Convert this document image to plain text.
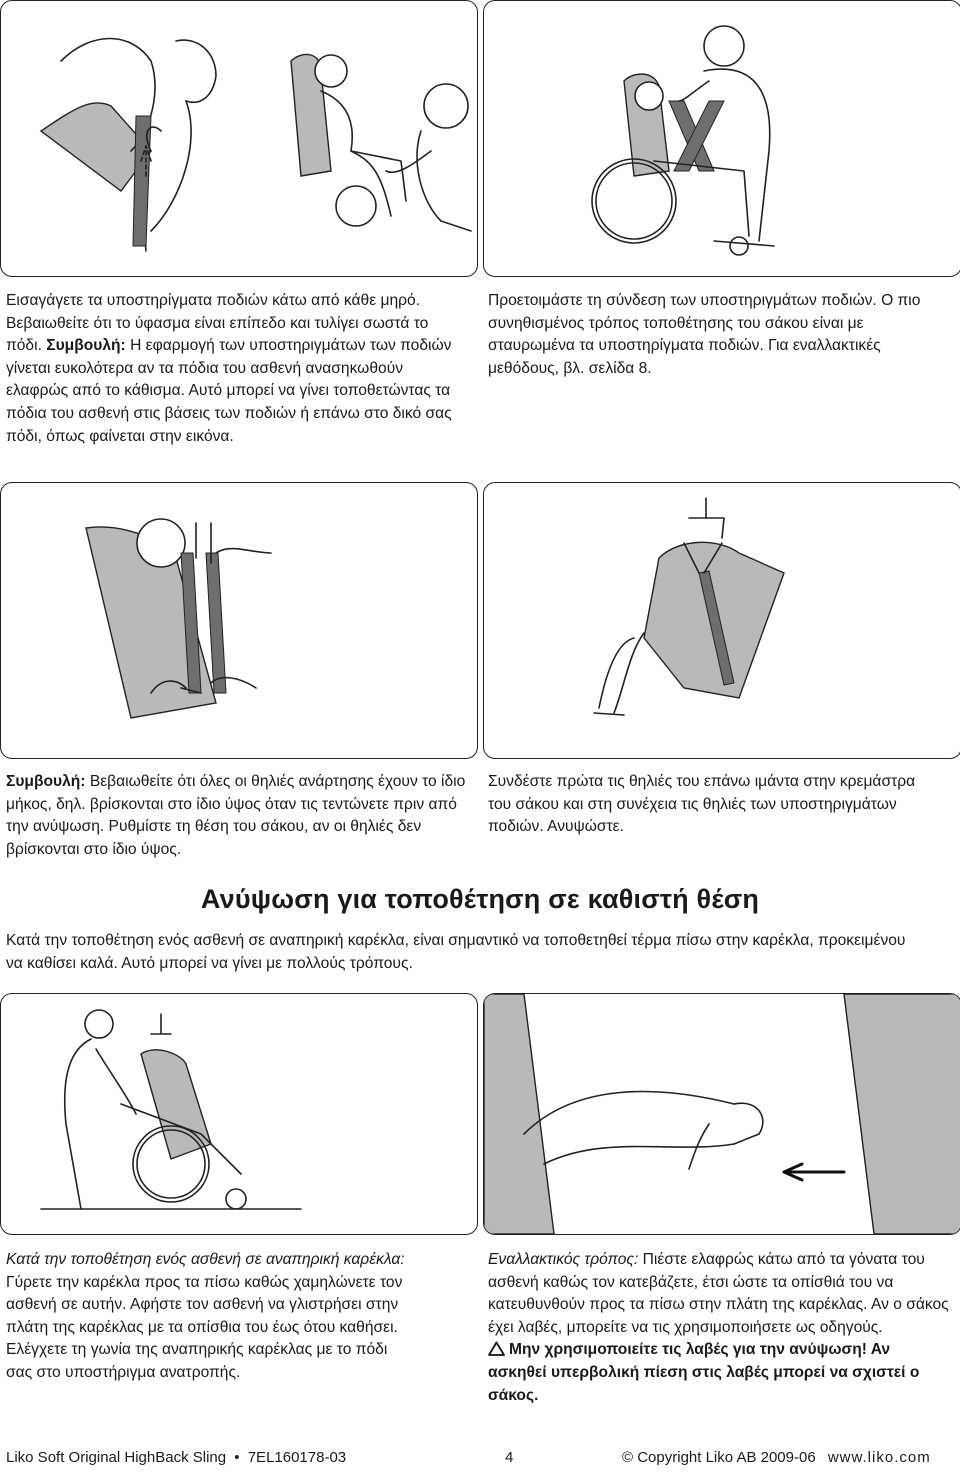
Εισαγάγετε τα υποστηρίγματα ποδιών κάτω από κάθε μηρό. Βεβαιωθείτε ότι το ύφασμα είναι επίπεδο και τυλίγει σωστά το πόδι. Συμβουλή: Η εφαρμογή των υποστηριγμάτων των ποδιών γίνεται ευκολότερα αν τα πόδια του ασθενή ανασηκωθούν ελαφρώς από το κάθισμα. Αυτό μπορεί να γίνει τοποθετώντας τα πόδια του ασθενή στις βάσεις των ποδιών ή επάνω στο δικό σας πόδι, όπως φαίνεται στην εικόνα.

Προετοιμάστε τη σύνδεση των υποστηριγμάτων ποδιών. Ο πιο συνηθισμένος τρόπος τοποθέτησης του σάκου είναι με σταυρωμένα τα υποστηρίγματα ποδιών. Για εναλλακτικές μεθόδους, βλ. σελίδα 8.

Συμβουλή: Βεβαιωθείτε ότι όλες οι θηλιές ανάρτησης έχουν το ίδιο μήκος, δηλ. βρίσκονται στο ίδιο ύψος όταν τις τεντώνετε πριν από την ανύψωση. Ρυθμίστε τη θέση του σάκου, αν οι θηλιές δεν βρίσκονται στο ίδιο ύψος.

Συνδέστε πρώτα τις θηλιές του επάνω ιμάντα στην κρεμάστρα του σάκου και στη συνέχεια τις θηλιές των υποστηριγμάτων ποδιών. Ανυψώστε.

Ανύψωση για τοποθέτηση σε καθιστή θέση

Κατά την τοποθέτηση ενός ασθενή σε αναπηρική καρέκλα, είναι σημαντικό να τοποθετηθεί τέρμα πίσω στην καρέκλα, προκειμένου να καθίσει καλά. Αυτό μπορεί να γίνει με πολλούς τρόπους.

Κατά την τοποθέτηση ενός ασθενή σε αναπηρική καρέκλα: Γύρετε την καρέκλα προς τα πίσω καθώς χαμηλώνετε τον ασθενή σε αυτήν. Αφήστε τον ασθενή να γλιστρήσει στην πλάτη της καρέκλας με τα οπίσθια του έως ότου καθήσει. Ελέγχετε τη γωνία της αναπηρικής καρέκλας με το πόδι σας στο υποστήριγμα ανατροπής.

Εναλλακτικός τρόπος: Πιέστε ελαφρώς κάτω από τα γόνατα του ασθενή καθώς τον κατεβάζετε, έτσι ώστε τα οπίσθιά του να κατευθυνθούν προς τα πίσω στην πλάτη της καρέκλας. Αν ο σάκος έχει λαβές, μπορείτε να τις χρησιμοποιήσετε ως οδηγούς.

Μην χρησιμοποιείτε τις λαβές για την ανύψωση! Αν ασκηθεί υπερβολική πίεση στις λαβές μπορεί να σχιστεί ο σάκος.

Liko Soft Original HighBack Sling • 7EL160178-03	4	© Copyright Liko AB 2009-06 www.liko.com
